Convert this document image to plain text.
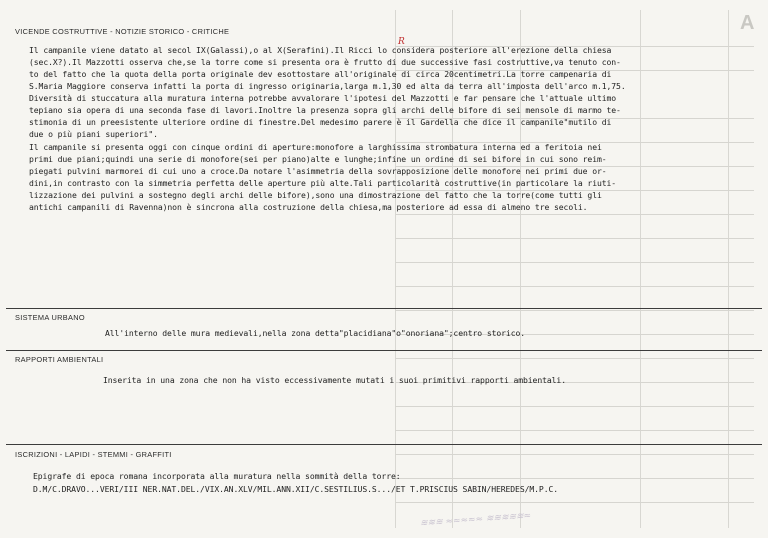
A
≋≋≋ ≈≈≈≈≈ ≋≋≋≋≋≈
VICENDE COSTRUTTIVE - NOTIZIE STORICO - CRITICHE
R
Il campanile viene datato al secol IX(Galassi),o al X(Serafini).Il Ricci lo considera posteriore all'erezione della chiesa
(sec.X?).Il Mazzotti osserva che,se la torre come si presenta ora è frutto di due successive fasi costruttive,va tenuto con-
to del fatto che la quota della porta originale dev esottostare all'originale di circa 20centimetri.La torre campenaria di
S.Maria Maggiore conserva infatti la porta di ingresso originaria,larga m.1,30 ed alta da terra all'imposta dell'arco m.1,75.
Diversità di stuccatura alla muratura interna potrebbe avvalorare l'ipotesi del Mazzotti e far pensare che l'attuale ultimo
tepiano sia opera di una seconda fase di lavori.Inoltre la presenza sopra gli archi delle bifore di sei mensole di marmo te-
stimonia di un preesistente ulteriore ordine di finestre.Del medesimo parere è il Gardella che dice il campanile"mutilo di
due o più piani superiori".
Il campanile si presenta oggi con cinque ordini di aperture:monofore a larghissima strombatura interna ed a feritoia nei
primi due piani;quindi una serie di monofore(sei per piano)alte e lunghe;infine un ordine di sei bifore in cui sono reim-
piegati pulvini marmorei di cui uno a croce.Da notare l'asimmetria della sovrapposizione delle monofore nei primi due or-
dini,in contrasto con la simmetria perfetta delle aperture più alte.Tali particolarità costruttive(in particolare la riuti-
lizzazione dei pulvini a sostegno degli archi delle bifore),sono una dimostrazione del fatto che la torre(come tutti gli
antichi campanili di Ravenna)non è sincrona alla costruzione della chiesa,ma posteriore ad essa di almeno tre secoli.
SISTEMA URBANO
All'interno delle mura medievali,nella zona detta"placidiana"o"onoriana";centro storico.
RAPPORTI AMBIENTALI
Inserita in una zona che non ha visto eccessivamente mutati i suoi primitivi rapporti ambientali.
ISCRIZIONI - LAPIDI - STEMMI - GRAFFITI
Epigrafe di epoca romana incorporata alla muratura nella sommità della torre:
D.M/C.DRAVO...VERI/III NER.NAT.DEL./VIX.AN.XLV/MIL.ANN.XII/C.SESTILIUS.S.../ET T.PRISCIUS SABIN/HEREDES/M.P.C.
